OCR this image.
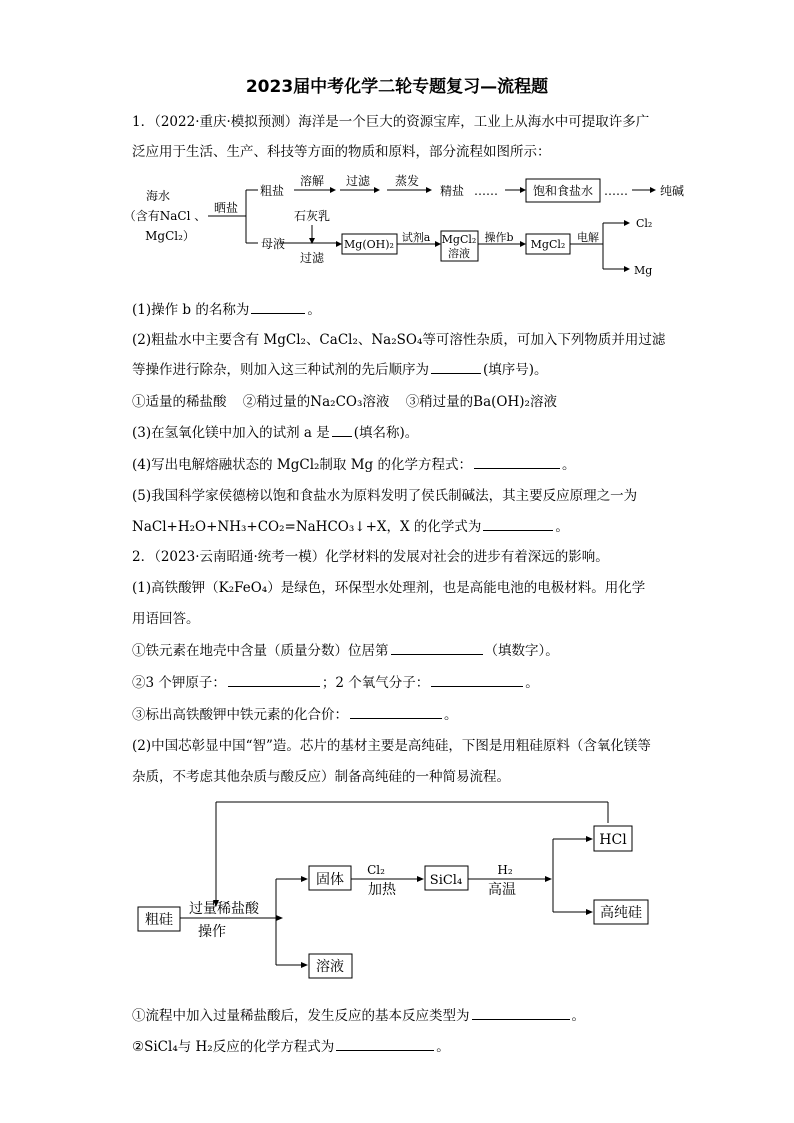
2023届中考化学二轮专题复习—流程题
1．（2022·重庆·模拟预测）海洋是一个巨大的资源宝库，工业上从海水中可提取许多广
泛应用于生活、生产、科技等方面的物质和原料，部分流程如图所示：
海水
（含有NaCl 、
MgCl₂）
晒盐
粗盐
溶解 过滤 蒸发
精盐 ……	饱和食盐水 ……	纯碱
母液
石灰乳
过滤
Mg(OH)₂
试剂a MgCl₂
溶液
操作b
MgCl₂
电解
Cl₂
Mg
(1)操作 b 的名称为	。
(2)粗盐水中主要含有 MgCl₂、CaCl₂、Na₂SO₄等可溶性杂质，可加入下列物质并用过滤
等操作进行除杂，则加入这三种试剂的先后顺序为	(填序号)。
①适量的稀盐酸 ②稍过量的Na₂CO₃溶液 ③稍过量的Ba(OH)₂溶液
(3)在氢氧化镁中加入的试剂 a 是 (填名称)。
(4)写出电解熔融状态的 MgCl₂制取 Mg 的化学方程式：	。
(5)我国科学家侯德榜以饱和食盐水为原料发明了侯氏制碱法，其主要反应原理之一为
NaCl+H₂O+NH₃+CO₂=NaHCO₃↓+X，X 的化学式为	。
2．（2023·云南昭通·统考一模）化学材料的发展对社会的进步有着深远的影响。
(1)高铁酸钾（K₂FeO₄）是绿色，环保型水处理剂，也是高能电池的电极材料。用化学
用语回答。
①铁元素在地壳中含量（质量分数）位居第	（填数字）。
②3 个钾原子：	；2 个氧气分子：	。
③标出高铁酸钾中铁元素的化合价：	。
(2)中国芯彰显中国“智”造。芯片的基材主要是高纯硅，下图是用粗硅原料（含氧化镁等
杂质，不考虑其他杂质与酸反应）制备高纯硅的一种简易流程。
粗硅
过量稀盐酸
操作
固体
Cl₂
加热
SiCl₄
H₂
高温
HCl
高纯硅
溶液
①流程中加入过量稀盐酸后，发生反应的基本反应类型为	。
②SiCl₄与 H₂反应的化学方程式为	。
